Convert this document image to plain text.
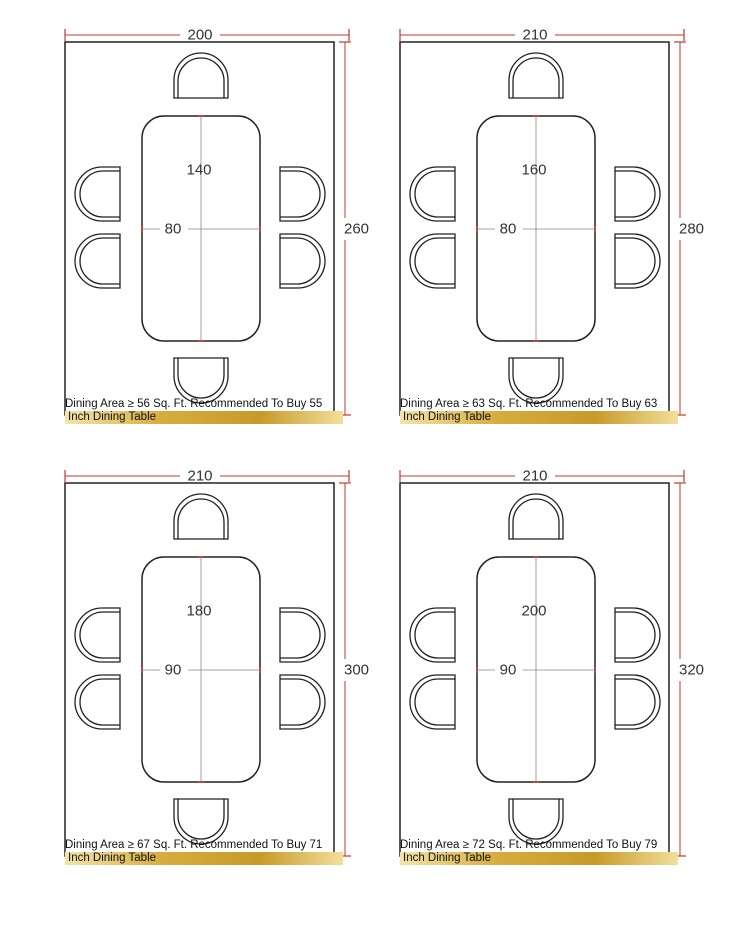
200
260
140
80
Dining Area ≥ 56 Sq. Ft. Recommended To Buy 55
Inch Dining Table
210
280
160
80
Dining Area ≥ 63 Sq. Ft. Recommended To Buy 63
Inch Dining Table
210
300
180
90
Dining Area ≥ 67 Sq. Ft. Recommended To Buy 71
Inch Dining Table
210
320
200
90
Dining Area ≥ 72 Sq. Ft. Recommended To Buy 79
Inch Dining Table
